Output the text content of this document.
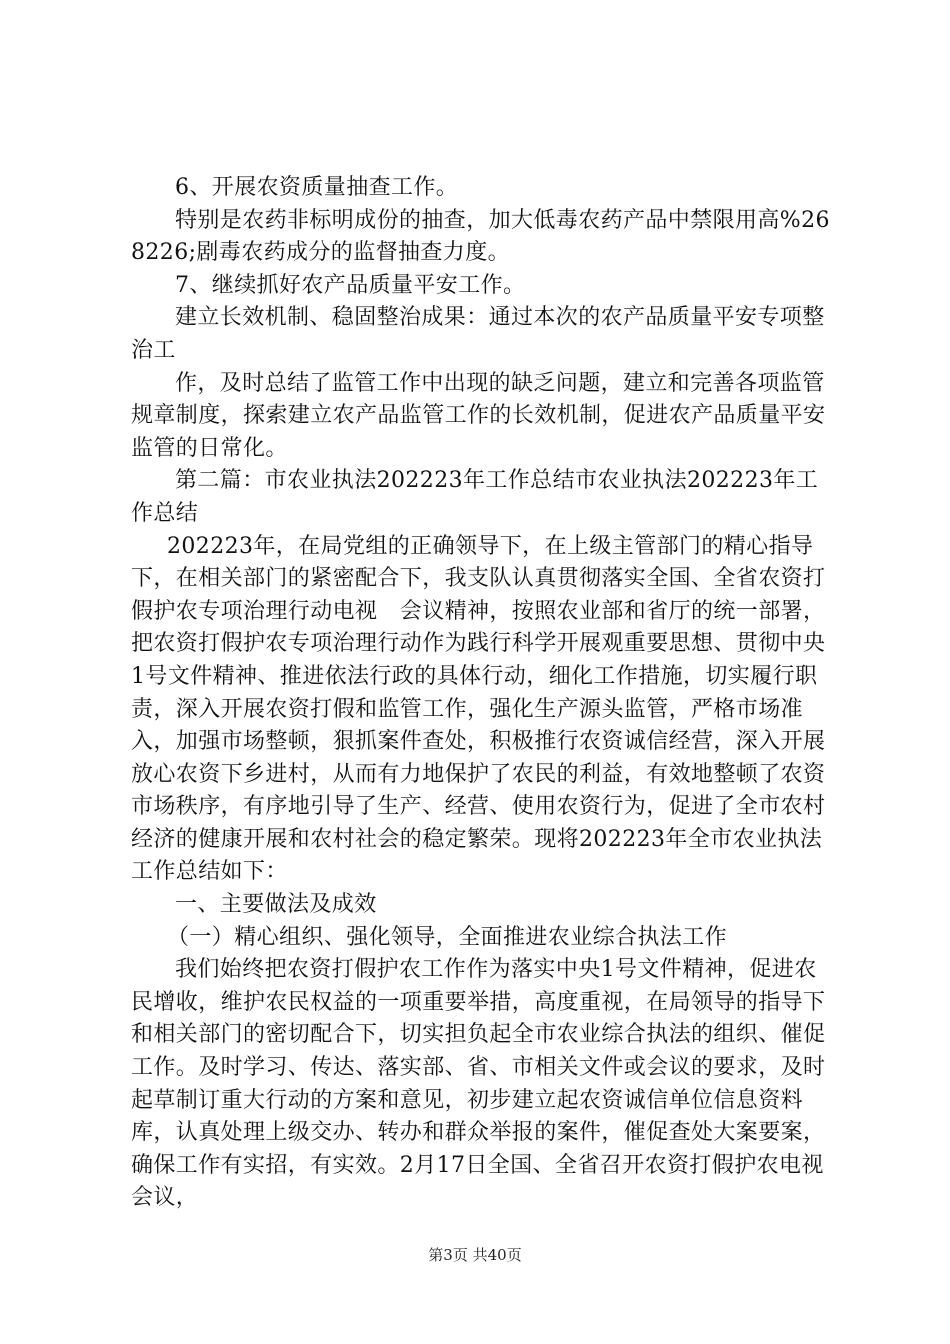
6、开展农资质量抽查工作。

特别是农药非标明成份的抽查，加大低毒农药产品中禁限用高%268226;剧毒农药成分的监督抽查力度。

7、继续抓好农产品质量平安工作。

建立长效机制、稳固整治成果：通过本次的农产品质量平安专项整治工

作，及时总结了监管工作中出现的缺乏问题，建立和完善各项监管规章制度，探索建立农产品监管工作的长效机制，促进农产品质量平安监管的日常化。

第二篇：市农业执法202223年工作总结市农业执法202223年工作总结

202223年，在局党组的正确领导下，在上级主管部门的精心指导下，在相关部门的紧密配合下，我支队认真贯彻落实全国、全省农资打假护农专项治理行动电视　会议精神，按照农业部和省厅的统一部署，把农资打假护农专项治理行动作为践行科学开展观重要思想、贯彻中央1号文件精神、推进依法行政的具体行动，细化工作措施，切实履行职责，深入开展农资打假和监管工作，强化生产源头监管，严格市场准入，加强市场整顿，狠抓案件查处，积极推行农资诚信经营，深入开展放心农资下乡进村，从而有力地保护了农民的利益，有效地整顿了农资市场秩序，有序地引导了生产、经营、使用农资行为，促进了全市农村经济的健康开展和农村社会的稳定繁荣。现将202223年全市农业执法工作总结如下：

一、主要做法及成效

（一）精心组织、强化领导，全面推进农业综合执法工作

我们始终把农资打假护农工作作为落实中央1号文件精神，促进农民增收，维护农民权益的一项重要举措，高度重视，在局领导的指导下和相关部门的密切配合下，切实担负起全市农业综合执法的组织、催促工作。及时学习、传达、落实部、省、市相关文件或会议的要求，及时起草制订重大行动的方案和意见，初步建立起农资诚信单位信息资料库，认真处理上级交办、转办和群众举报的案件，催促查处大案要案，确保工作有实招，有实效。2月17日全国、全省召开农资打假护农电视　会议，

第3页 共40页
